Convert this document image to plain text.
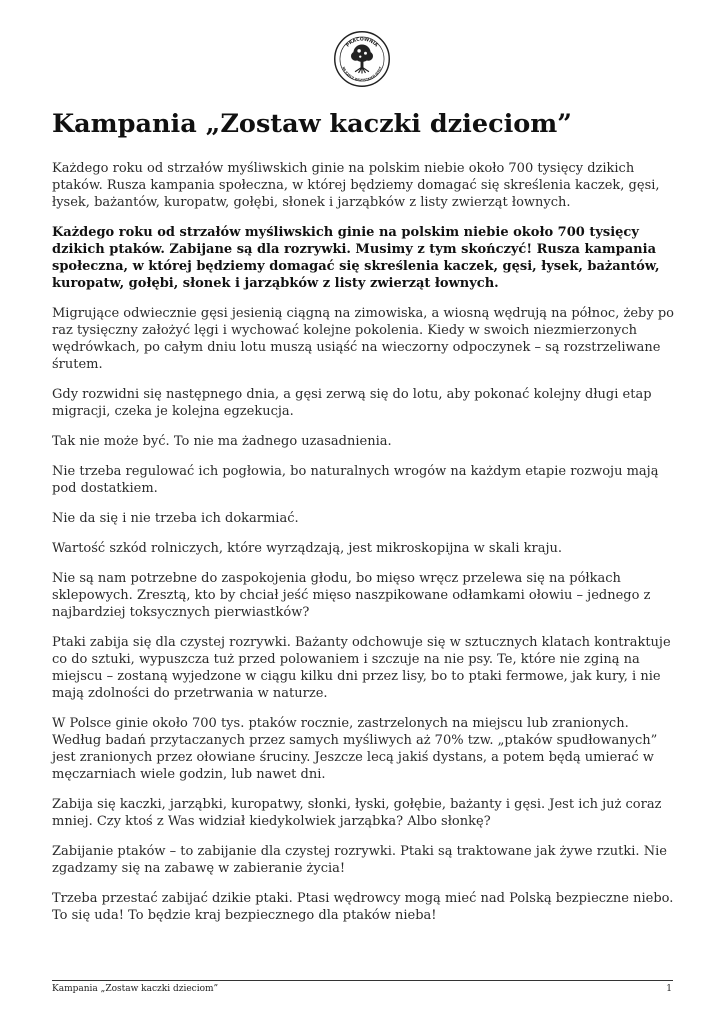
PRACOWNIA
NA RZECZ WSZYSTKICH ISTOT
Kampania „Zostaw kaczki dzieciom”

Każdego roku od strzałów myśliwskich ginie na polskim niebie około 700 tysięcy dzikich ptaków. Rusza kampania społeczna, w której będziemy domagać się skreślenia kaczek, gęsi, łysek, bażantów, kuropatw, gołębi, słonek i jarząbków z listy zwierząt łownych.

Każdego roku od strzałów myśliwskich ginie na polskim niebie około 700 tysięcy dzikich ptaków. Zabijane są dla rozrywki. Musimy z tym skończyć! Rusza kampania społeczna, w której będziemy domagać się skreślenia kaczek, gęsi, łysek, bażantów, kuropatw, gołębi, słonek i jarząbków z listy zwierząt łownych.

Migrujące odwiecznie gęsi jesienią ciągną na zimowiska, a wiosną wędrują na północ, żeby po raz tysięczny założyć lęgi i wychować kolejne pokolenia. Kiedy w swoich niezmierzonych wędrówkach, po całym dniu lotu muszą usiąść na wieczorny odpoczynek – są rozstrzeliwane śrutem.

Gdy rozwidni się następnego dnia, a gęsi zerwą się do lotu, aby pokonać kolejny długi etap migracji, czeka je kolejna egzekucja.

Tak nie może być. To nie ma żadnego uzasadnienia.

Nie trzeba regulować ich pogłowia, bo naturalnych wrogów na każdym etapie rozwoju mają pod dostatkiem.

Nie da się i nie trzeba ich dokarmiać.

Wartość szkód rolniczych, które wyrządzają, jest mikroskopijna w skali kraju.

Nie są nam potrzebne do zaspokojenia głodu, bo mięso wręcz przelewa się na półkach sklepowych. Zresztą, kto by chciał jeść mięso naszpikowane odłamkami ołowiu – jednego z najbardziej toksycznych pierwiastków?

Ptaki zabija się dla czystej rozrywki. Bażanty odchowuje się w sztucznych klatach kontraktuje co do sztuki, wypuszcza tuż przed polowaniem i szczuje na nie psy. Te, które nie zginą na miejscu – zostaną wyjedzone w ciągu kilku dni przez lisy, bo to ptaki fermowe, jak kury, i nie mają zdolności do przetrwania w naturze.

W Polsce ginie około 700 tys. ptaków rocznie, zastrzelonych na miejscu lub zranionych. Według badań przytaczanych przez samych myśliwych aż 70% tzw. „ptaków spudłowanych” jest zranionych przez ołowiane śruciny. Jeszcze lecą jakiś dystans, a potem będą umierać w męczarniach wiele godzin, lub nawet dni.

Zabija się kaczki, jarząbki, kuropatwy, słonki, łyski, gołębie, bażanty i gęsi. Jest ich już coraz mniej. Czy ktoś z Was widział kiedykolwiek jarząbka? Albo słonkę?

Zabijanie ptaków – to zabijanie dla czystej rozrywki. Ptaki są traktowane jak żywe rzutki. Nie zgadzamy się na zabawę w zabieranie życia!

Trzeba przestać zabijać dzikie ptaki. Ptasi wędrowcy mogą mieć nad Polską bezpieczne niebo. To się uda! To będzie kraj bezpiecznego dla ptaków nieba!

Kampania „Zostaw kaczki dzieciom”	1
